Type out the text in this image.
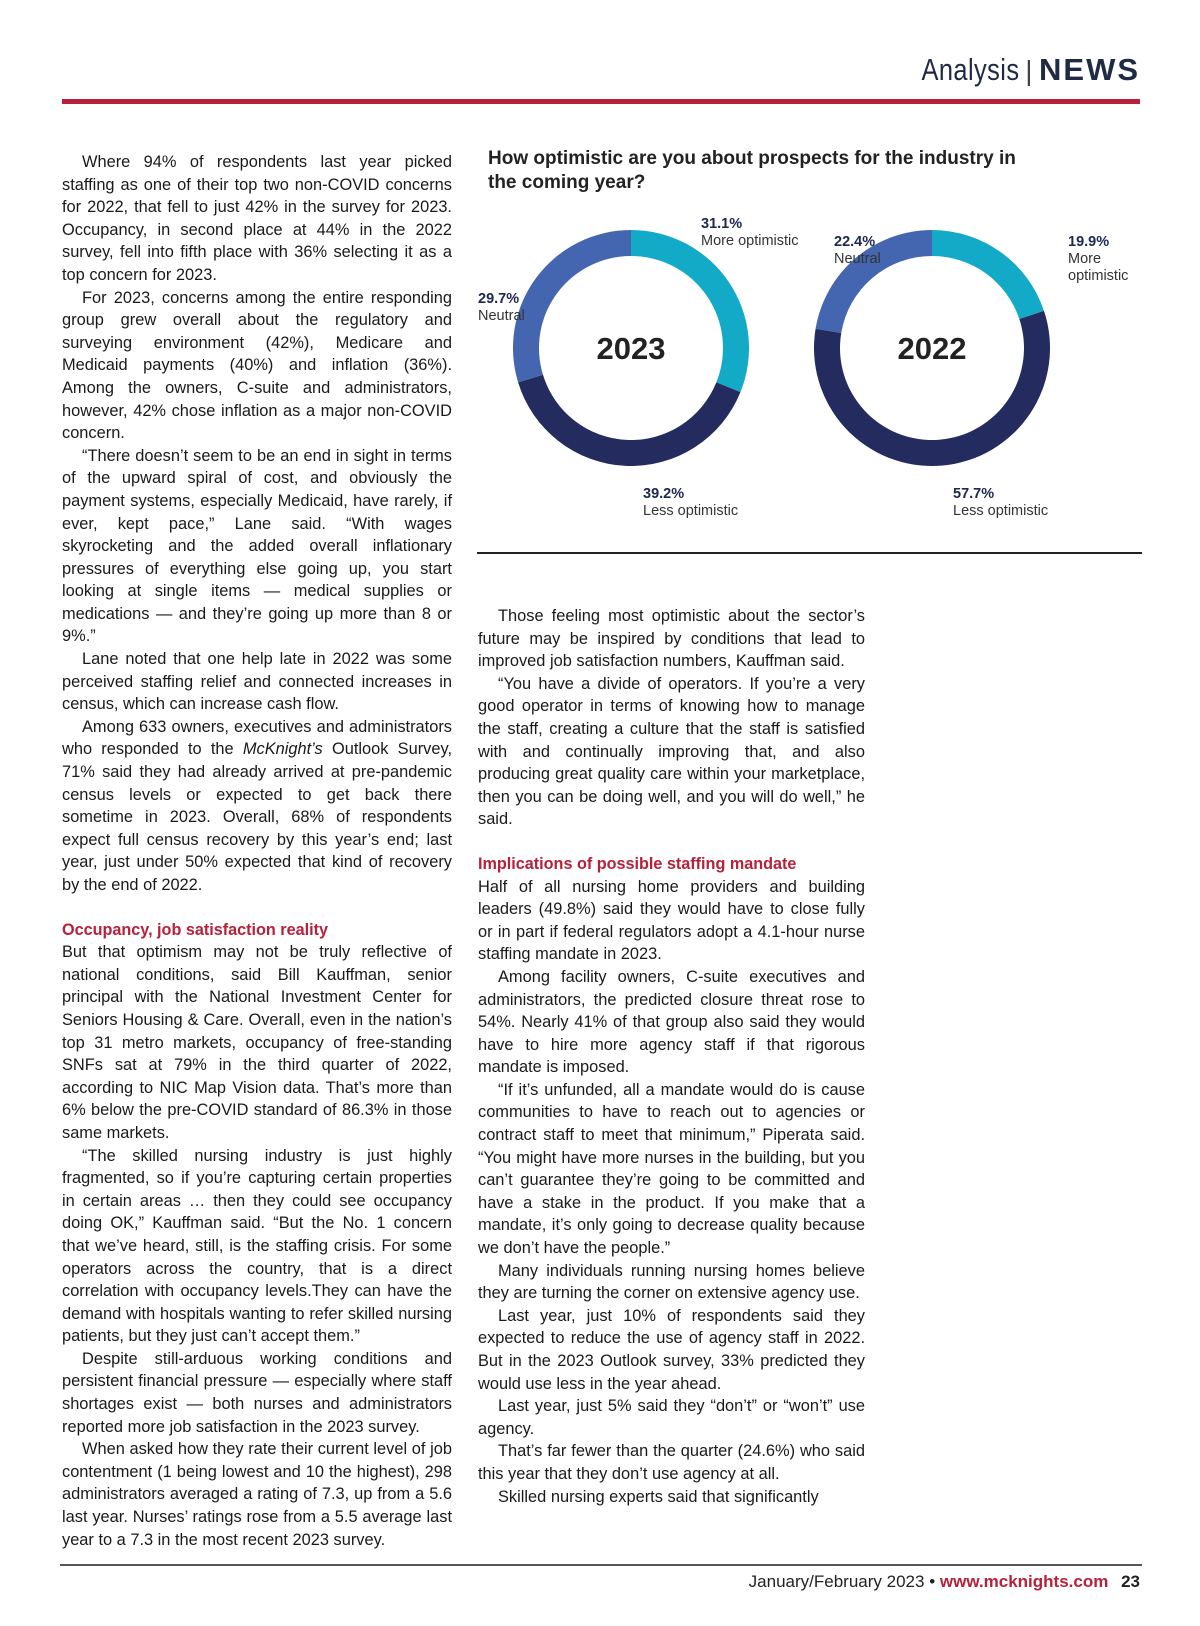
Analysis | NEWS

Where 94% of respondents last year picked staffing as one of their top two non-COVID concerns for 2022, that fell to just 42% in the survey for 2023. Occupancy, in second place at 44% in the 2022 survey, fell into fifth place with 36% selecting it as a top concern for 2023.

For 2023, concerns among the entire responding group grew overall about the regulatory and surveying environment (42%), Medicare and Medicaid payments (40%) and inflation (36%). Among the owners, C-suite and administrators, however, 42% chose inflation as a major non-COVID concern.

“There doesn’t seem to be an end in sight in terms of the upward spiral of cost, and obviously the payment systems, especially Medicaid, have rarely, if ever, kept pace,” Lane said. “With wages skyrocketing and the added overall inflationary pressures of everything else going up, you start looking at single items — medical supplies or medications — and they’re going up more than 8 or 9%.”

Lane noted that one help late in 2022 was some perceived staffing relief and connected increases in census, which can increase cash flow.

Among 633 owners, executives and administrators who responded to the McKnight’s Outlook Survey, 71% said they had already arrived at pre-pandemic census levels or expected to get back there sometime in 2023. Overall, 68% of respondents expect full census recovery by this year’s end; last year, just under 50% expected that kind of recovery by the end of 2022.

Occupancy, job satisfaction reality

But that optimism may not be truly reflective of national conditions, said Bill Kauffman, senior principal with the National Investment Center for Seniors Housing & Care. Overall, even in the nation’s top 31 metro markets, occupancy of free-standing SNFs sat at 79% in the third quarter of 2022, according to NIC Map Vision data. That’s more than 6% below the pre-COVID standard of 86.3% in those same markets.

“The skilled nursing industry is just highly fragmented, so if you’re capturing certain properties in certain areas … then they could see occupancy doing OK,” Kauffman said. “But the No. 1 concern that we’ve heard, still, is the staffing crisis. For some operators across the country, that is a direct correlation with occupancy levels.They can have the demand with hospitals wanting to refer skilled nursing patients, but they just can’t accept them.”

Despite still-arduous working conditions and persistent financial pressure — especially where staff shortages exist — both nurses and administrators reported more job satisfaction in the 2023 survey.

When asked how they rate their current level of job contentment (1 being lowest and 10 the highest), 298 administrators averaged a rating of 7.3, up from a 5.6 last year. Nurses’ ratings rose from a 5.5 average last year to a 7.3 in the most recent 2023 survey.

How optimistic are you about prospects for the industry in the coming year?
2023	2022
31.1%
More optimistic
39.2%
Less optimistic
29.7%
Neutral
19.9%
More optimistic
57.7%
Less optimistic
22.4%
Neutral

Those feeling most optimistic about the sector’s future may be inspired by conditions that lead to improved job satisfaction numbers, Kauffman said.

“You have a divide of operators. If you’re a very good operator in terms of knowing how to manage the staff, creating a culture that the staff is satisfied with and continually improving that, and also producing great quality care within your marketplace, then you can be doing well, and you will do well,” he said.

Implications of possible staffing mandate

Half of all nursing home providers and building leaders (49.8%) said they would have to close fully or in part if federal regulators adopt a 4.1-hour nurse staffing mandate in 2023.

Among facility owners, C-suite executives and administrators, the predicted closure threat rose to 54%. Nearly 41% of that group also said they would have to hire more agency staff if that rigorous mandate is imposed.

“If it’s unfunded, all a mandate would do is cause communities to have to reach out to agencies or contract staff to meet that minimum,” Piperata said. “You might have more nurses in the building, but you can’t guarantee they’re going to be committed and have a stake in the product. If you make that a mandate, it’s only going to decrease quality because we don’t have the people.”

Many individuals running nursing homes believe they are turning the corner on extensive agency use.

Last year, just 10% of respondents said they expected to reduce the use of agency staff in 2022. But in the 2023 Outlook survey, 33% predicted they would use less in the year ahead.

Last year, just 5% said they “don’t” or “won’t” use agency.

That’s far fewer than the quarter (24.6%) who said this year that they don’t use agency at all.

Skilled nursing experts said that significantly

January/February 2023 • www.mcknights.com 23
